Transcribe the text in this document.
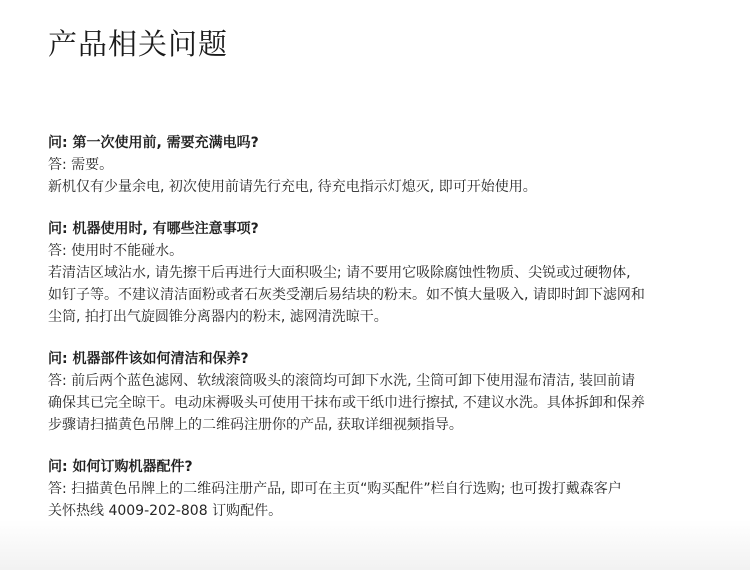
产品相关问题
问: 第一次使用前, 需要充满电吗?
答: 需要。
新机仅有少量余电, 初次使用前请先行充电, 待充电指示灯熄灭, 即可开始使用。
问: 机器使用时, 有哪些注意事项?
答: 使用时不能碰水。
若清洁区域沾水, 请先擦干后再进行大面积吸尘; 请不要用它吸除腐蚀性物质、尖锐或过硬物体,
如钉子等。不建议清洁面粉或者石灰类受潮后易结块的粉末。如不慎大量吸入, 请即时卸下滤网和
尘筒, 拍打出气旋圆锥分离器内的粉末, 滤网清洗晾干。
问: 机器部件该如何清洁和保养?
答: 前后两个蓝色滤网、软绒滚筒吸头的滚筒均可卸下水洗, 尘筒可卸下使用湿布清洁, 装回前请
确保其已完全晾干。电动床褥吸头可使用干抹布或干纸巾进行擦拭, 不建议水洗。具体拆卸和保养
步骤请扫描黄色吊牌上的二维码注册你的产品, 获取详细视频指导。
问: 如何订购机器配件?
答: 扫描黄色吊牌上的二维码注册产品, 即可在主页“购买配件”栏自行选购; 也可拨打戴森客户
关怀热线 4009-202-808 订购配件。
